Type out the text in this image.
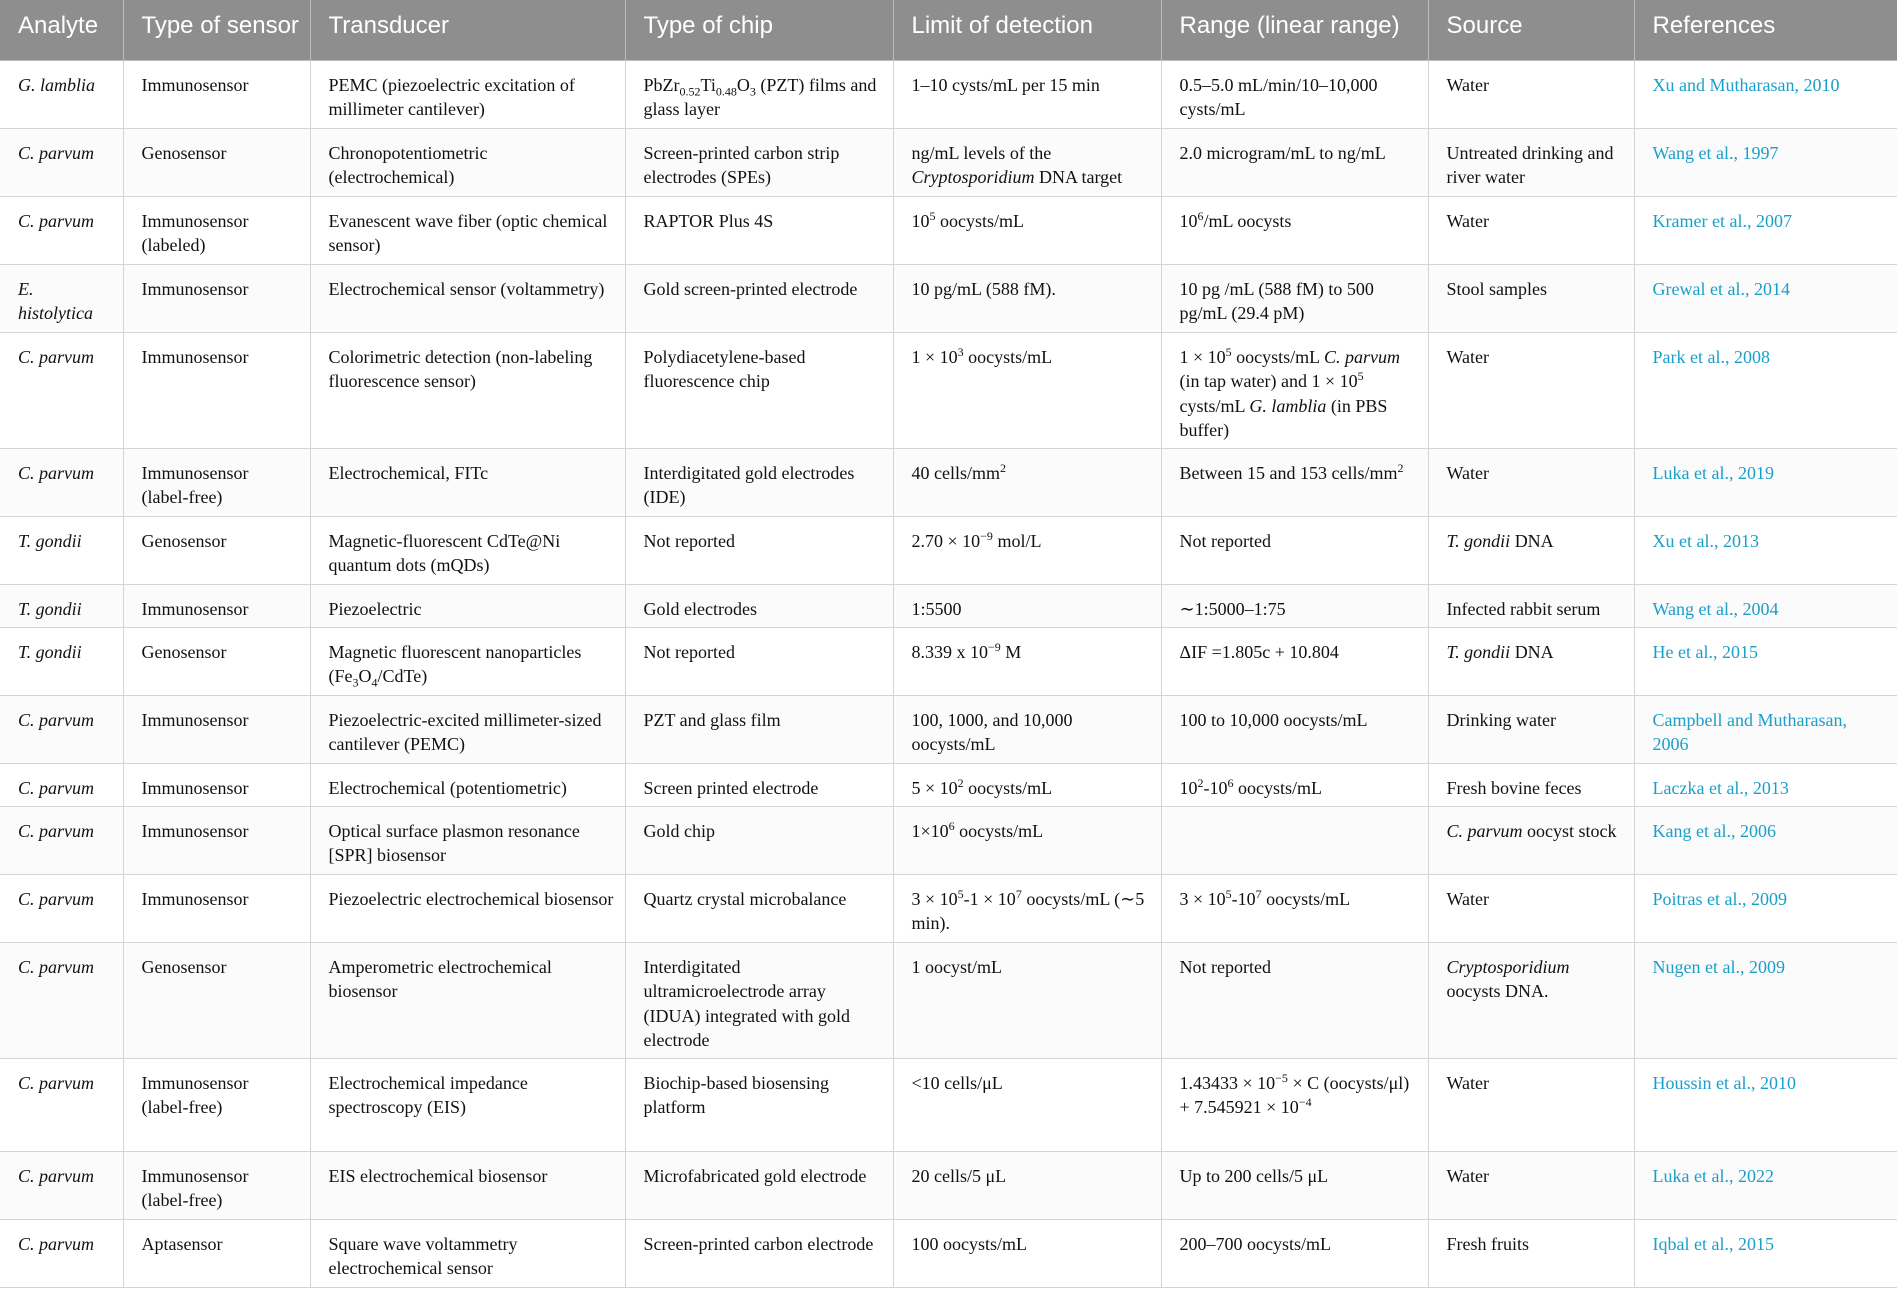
Analyte	Type of sensor	Transducer	Type of chip	Limit of detection	Range (linear range)	Source	References
G. lamblia	Immunosensor	PEMC (piezoelectric excitation of millimeter cantilever)	$PbZr_{0.52}Ti_{0.48}O_3$ (PZT) films and glass layer	1–10 cysts/mL per 15 min	0.5–5.0 mL/min/10–10,000 cysts/mL	Water	Xu and Mutharasan, 2010
C. parvum	Genosensor	Chronopotentiometric (electrochemical)	Screen-printed carbon strip electrodes (SPEs)	ng/mL levels of the Cryptosporidium DNA target	2.0 microgram/mL to ng/mL	Untreated drinking and river water	Wang et al., 1997
C. parvum	Immunosensor (labeled)	Evanescent wave fiber (optic chemical sensor)	RAPTOR Plus 4S	$10^5$ oocysts/mL	$10^6/mL$ oocysts	Water	Kramer et al., 2007
E. histolytica	Immunosensor	Electrochemical sensor (voltammetry)	Gold screen-printed electrode	10 pg/mL (588 fM).	10 pg /mL (588 fM) to 500 pg/mL (29.4 pM)	Stool samples	Grewal et al., 2014
C. parvum	Immunosensor	Colorimetric detection (non-labeling fluorescence sensor)	Polydiacetylene-based fluorescence chip	$1 \times 10^3$ oocysts/mL	$1 \times 10^5$ oocysts/mL C. parvum (in tap water) and $1 \times 10^5$ cysts/mL G. lamblia (in PBS buffer)	Water	Park et al., 2008
C. parvum	Immunosensor (label-free)	Electrochemical, FITc	Interdigitated gold electrodes (IDE)	40 cells/$mm^2$	Between 15 and 153 cells/$mm^2$	Water	Luka et al., 2019
T. gondii	Genosensor	Magnetic-fluorescent CdTe@Ni quantum dots (mQDs)	Not reported	$2.70 \times 10^{-9}$ mol/L	Not reported	T. gondii DNA	Xu et al., 2013
T. gondii	Immunosensor	Piezoelectric	Gold electrodes	1:5500	∼1:5000–1:75	Infected rabbit serum	Wang et al., 2004
T. gondii	Genosensor	Magnetic fluorescent nanoparticles $(Fe_3O_4/CdTe)$	Not reported	8.339 x $10^{-9}$ M	ΔIF =1.805c + 10.804	T. gondii DNA	He et al., 2015
C. parvum	Immunosensor	Piezoelectric-excited millimeter-sized cantilever (PEMC)	PZT and glass film	100, 1000, and 10,000 oocysts/mL	100 to 10,000 oocysts/mL	Drinking water	Campbell and Mutharasan, 2006
C. parvum	Immunosensor	Electrochemical (potentiometric)	Screen printed electrode	$5 \times 10^2$ oocysts/mL	$10^2-10^6$ oocysts/mL	Fresh bovine feces	Laczka et al., 2013
C. parvum	Immunosensor	Optical surface plasmon resonance [SPR] biosensor	Gold chip	$1\times 10^6$ oocysts/mL		C. parvum oocyst stock	Kang et al., 2006
C. parvum	Immunosensor	Piezoelectric electrochemical biosensor	Quartz crystal microbalance	$3 \times 10^5-1 \times 10^7$ oocysts/mL (∼5 min).	$3 \times 10^5-10^7$ oocysts/mL	Water	Poitras et al., 2009
C. parvum	Genosensor	Amperometric electrochemical biosensor	Interdigitated ultramicroelectrode array (IDUA) integrated with gold electrode	1 oocyst/mL	Not reported	Cryptosporidium oocysts DNA.	Nugen et al., 2009
C. parvum	Immunosensor (label-free)	Electrochemical impedance spectroscopy (EIS)	Biochip-based biosensing platform	<10 cells/μL	$1.43433 \times 10^{-5} \times C$ (oocysts/μl) + $7.545921 \times 10^{-4}$	Water	Houssin et al., 2010
C. parvum	Immunosensor (label-free)	EIS electrochemical biosensor	Microfabricated gold electrode	20 cells/5 μL	Up to 200 cells/5 μL	Water	Luka et al., 2022
C. parvum	Aptasensor	Square wave voltammetry electrochemical sensor	Screen-printed carbon electrode	100 oocysts/mL	200–700 oocysts/mL	Fresh fruits	Iqbal et al., 2015
